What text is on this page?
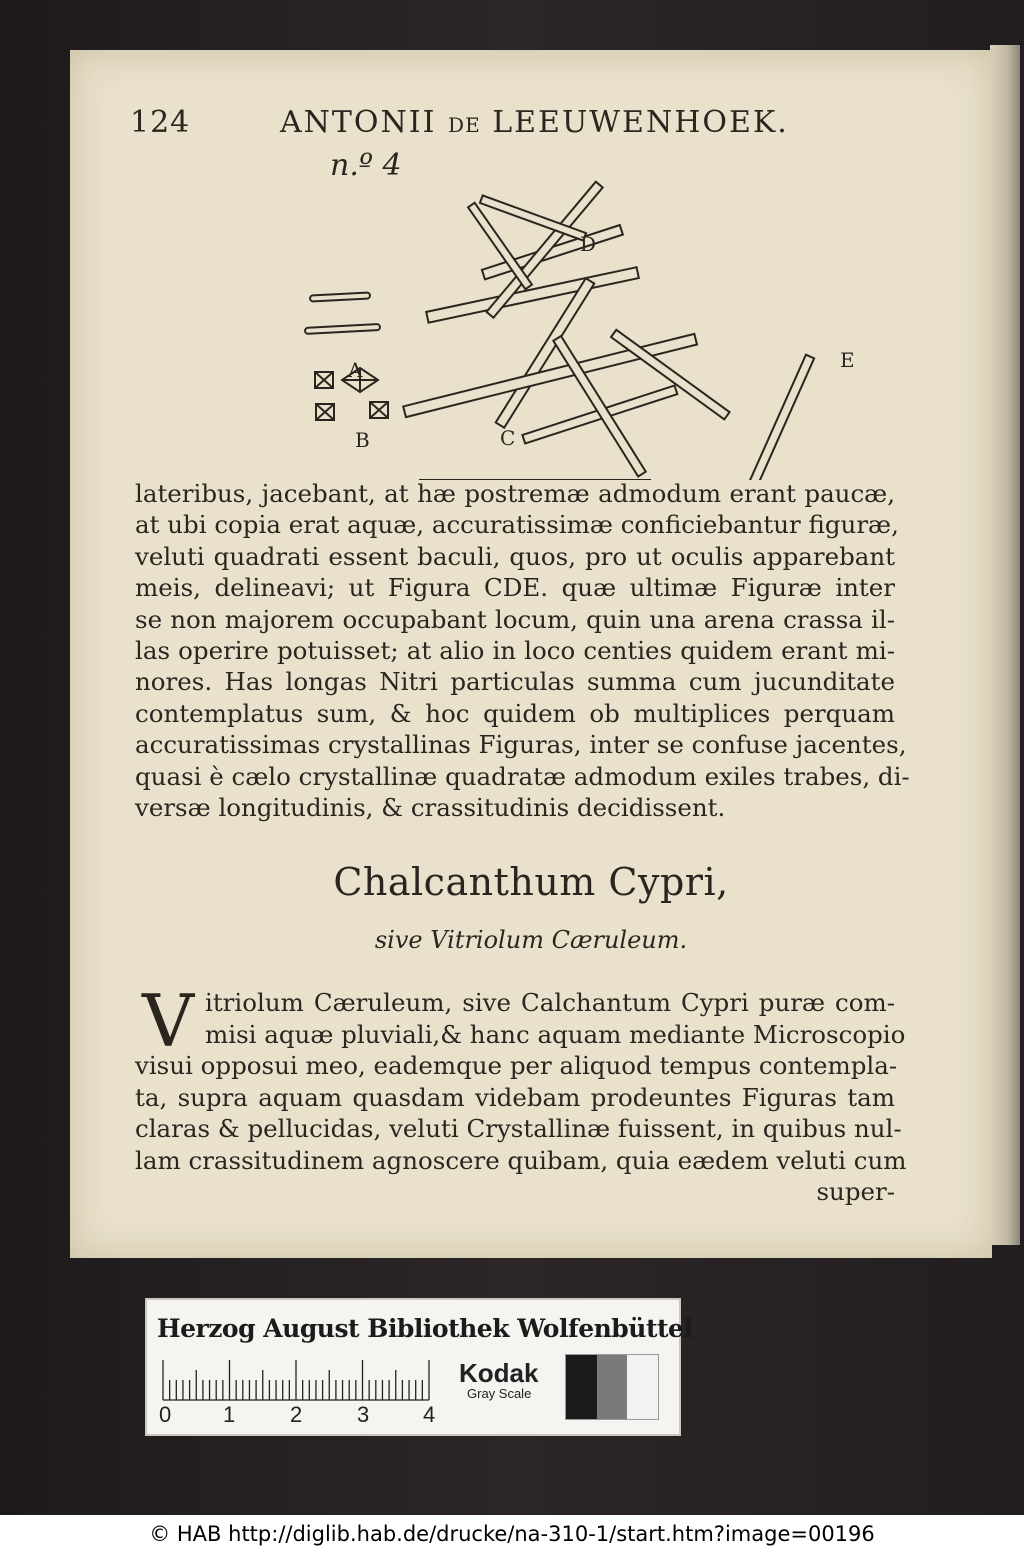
124	ANTONII DE LEEUWENHOEK.
n.º 4
A
B	C
D
E
lateribus, jacebant, at hæ postremæ admodum erant paucæ,
at ubi copia erat aquæ, accuratissimæ conficiebantur figuræ,
veluti quadrati essent baculi, quos, pro ut oculis apparebant
meis, delineavi; ut Figura CDE. quæ ultimæ Figuræ inter
se non majorem occupabant locum, quin una arena crassa il-
las operire potuisset; at alio in loco centies quidem erant mi-
nores. Has longas Nitri particulas summa cum jucunditate
contemplatus sum, & hoc quidem ob multiplices perquam
accuratissimas crystallinas Figuras, inter se confuse jacentes,
quasi è cælo crystallinæ quadratæ admodum exiles trabes, di-
versæ longitudinis, & crassitudinis decidissent.
Chalcanthum Cypri,
sive Vitriolum Cæruleum.
V itriolum Cæruleum, sive Calchantum Cypri puræ com-
misi aquæ pluviali,& hanc aquam mediante Microscopio
visui opposui meo, eademque per aliquod tempus contempla-
ta, supra aquam quasdam videbam prodeuntes Figuras tam
claras & pellucidas, veluti Crystallinæ fuissent, in quibus nul-
lam crassitudinem agnoscere quibam, quia eædem veluti cum
super-
Herzog August Bibliothek Wolfenbüttel
0 1 2 3 4
Kodak
Gray Scale
© HAB http://diglib.hab.de/drucke/na-310-1/start.htm?image=00196
